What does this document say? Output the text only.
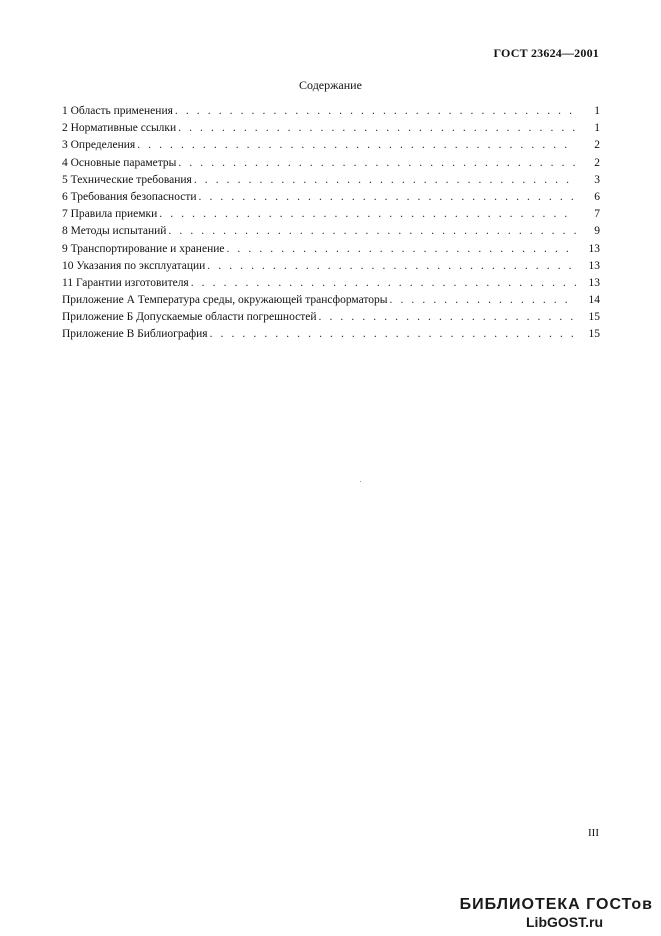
ГОСТ 23624—2001
Содержание
1 Область применения . . .	1
2 Нормативные ссылки . . .	1
3 Определения . . .	2
4 Основные параметры . . .	2
5 Технические требования . . .	3
6 Требования безопасности . . .	6
7 Правила приемки . . .	7
8 Методы испытаний . . .	9
9 Транспортирование и хранение . . .	13
10 Указания по эксплуатации . . .	13
11 Гарантии изготовителя . . .	13
Приложение А Температура среды, окружающей трансформаторы . . .	14
Приложение Б Допускаемые области погрешностей . . .	15
Приложение В Библиография . . .	15
III
БИБЛИОТЕКА ГОСТов
LibGOST.ru
